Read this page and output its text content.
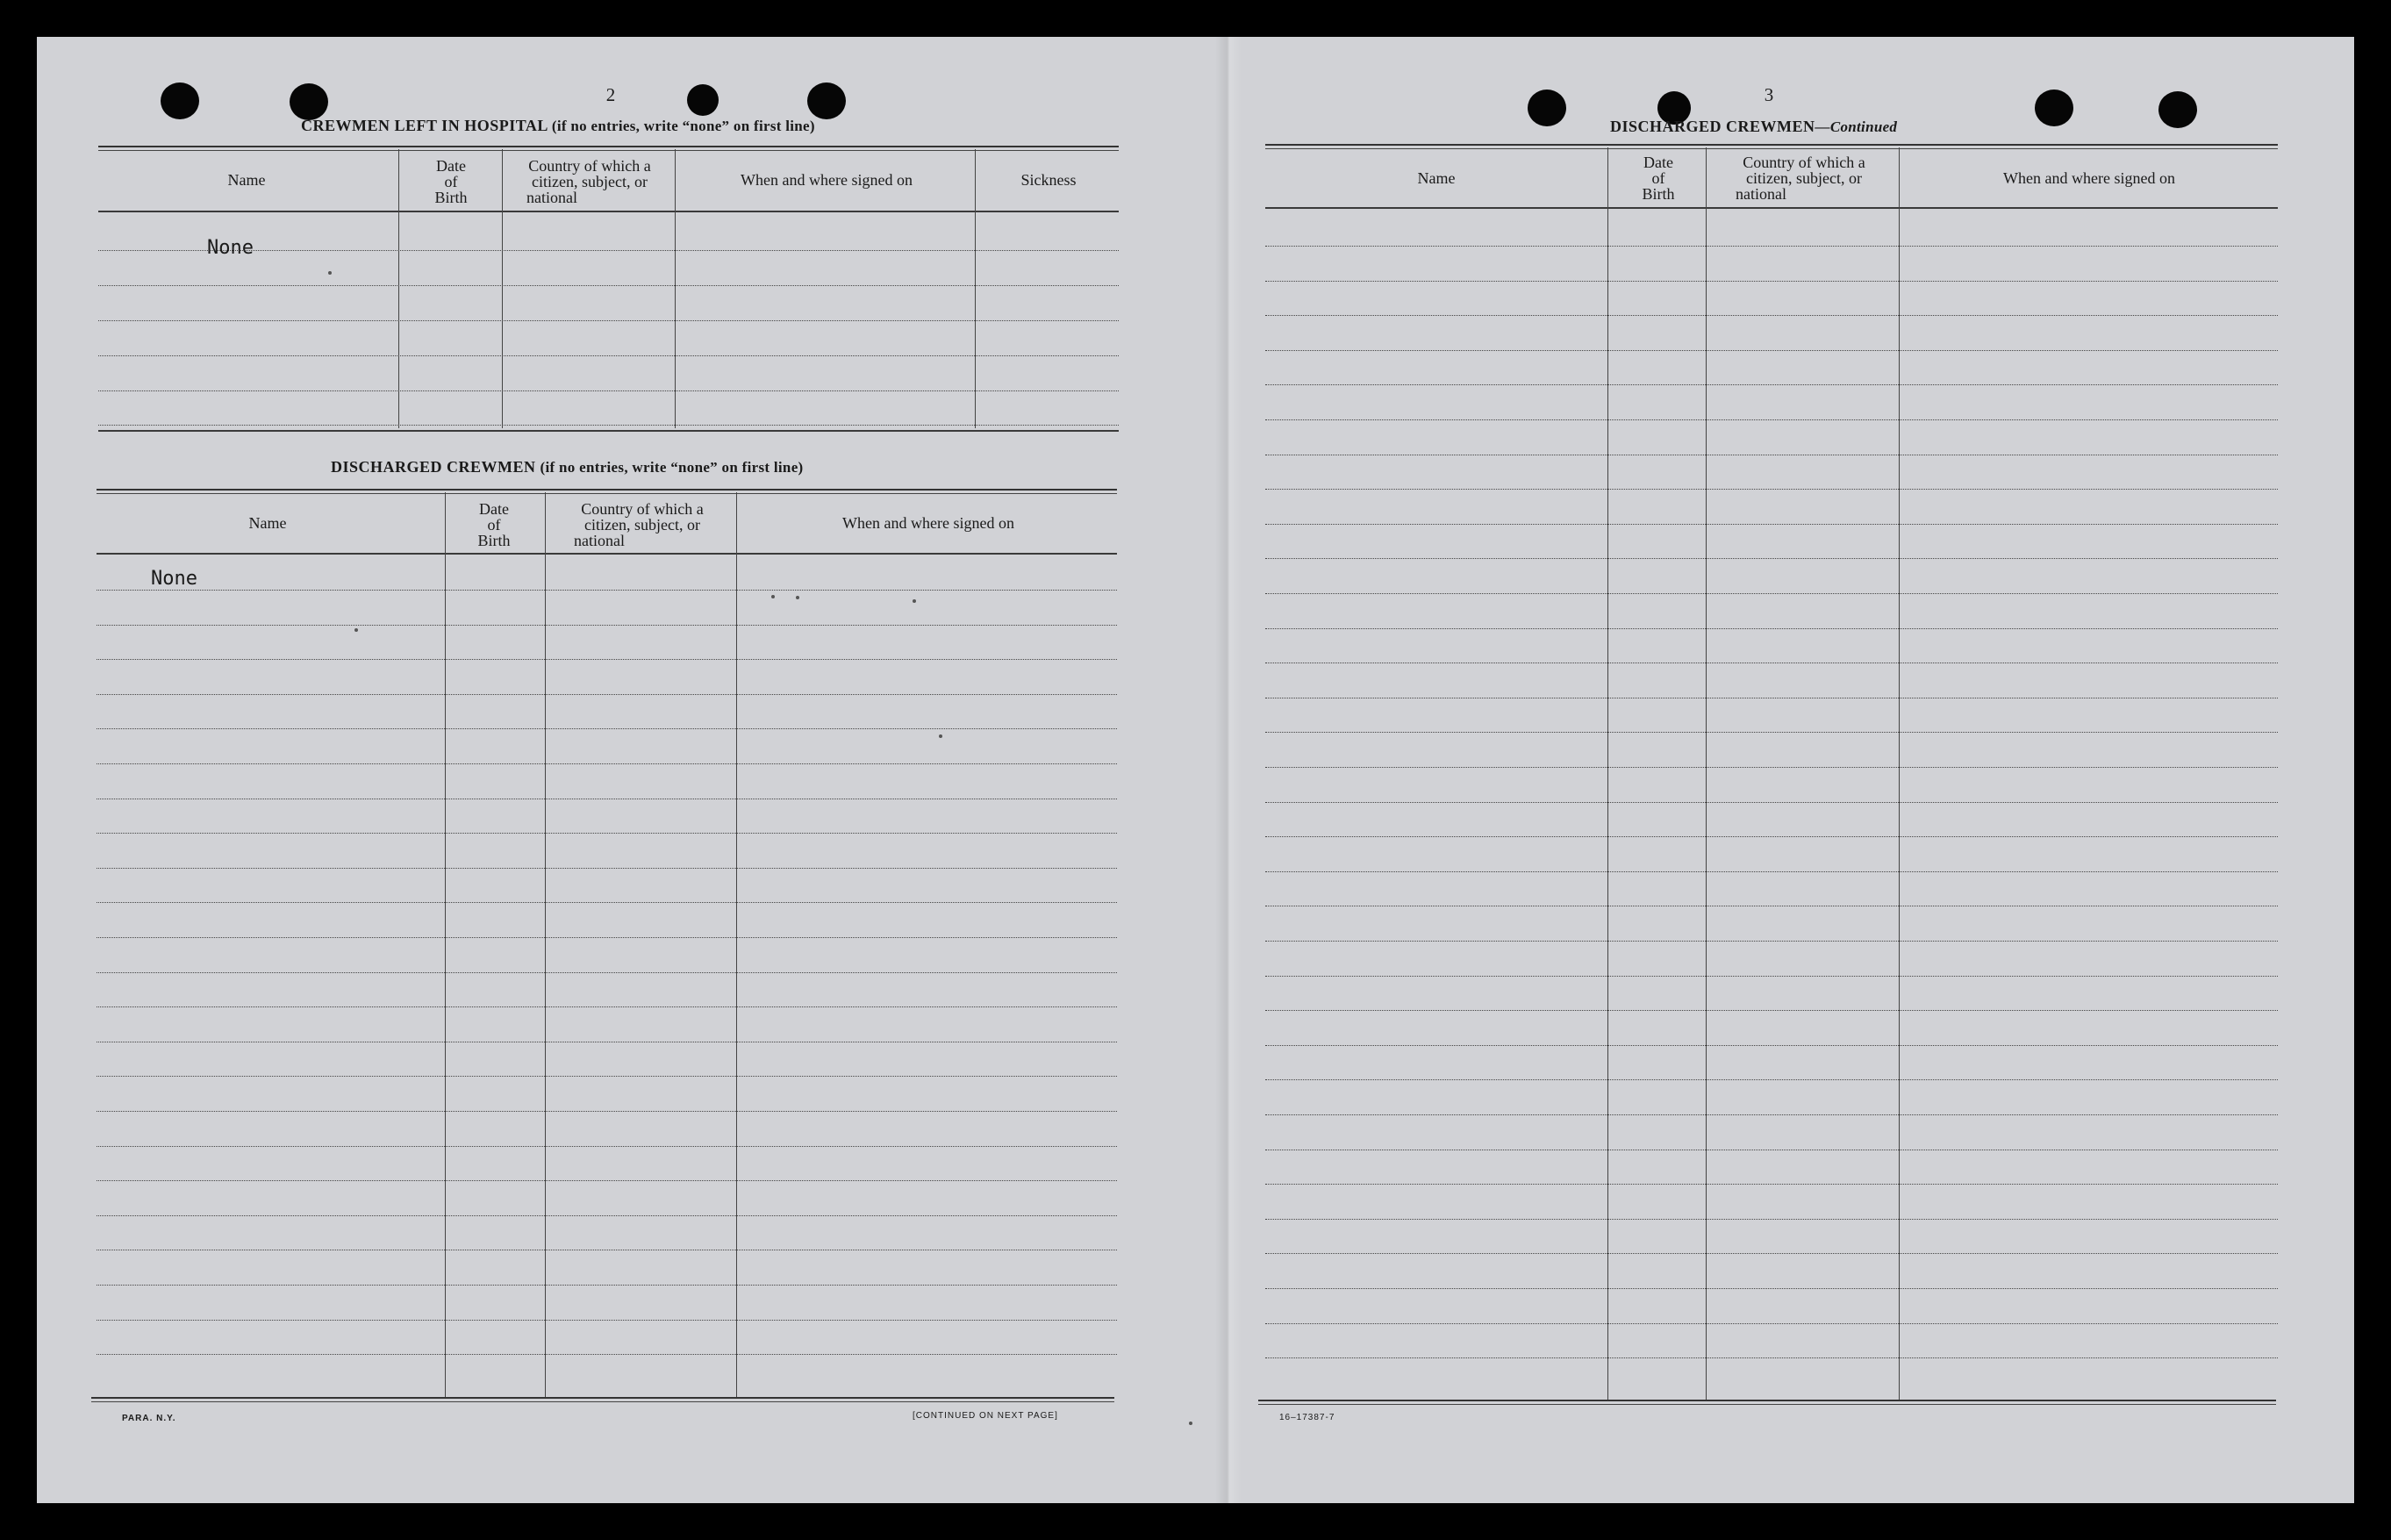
2
CREWMEN LEFT IN HOSPITAL (if no entries, write “none” on first line)
Name
Date
of
Birth
Country of which a
citizen, subject, or
national
When and where signed on	Sickness
None
DISCHARGED CREWMEN (if no entries, write “none” on first line)
Name
Date
of
Birth
Country of which a
citizen, subject, or
national
When and where signed on
None
PARA. N.Y.	[CONTINUED ON NEXT PAGE]
3
DISCHARGED CREWMEN—Continued
Name
Date
of
Birth
Country of which a
citizen, subject, or
national
When and where signed on
16–17387-7
